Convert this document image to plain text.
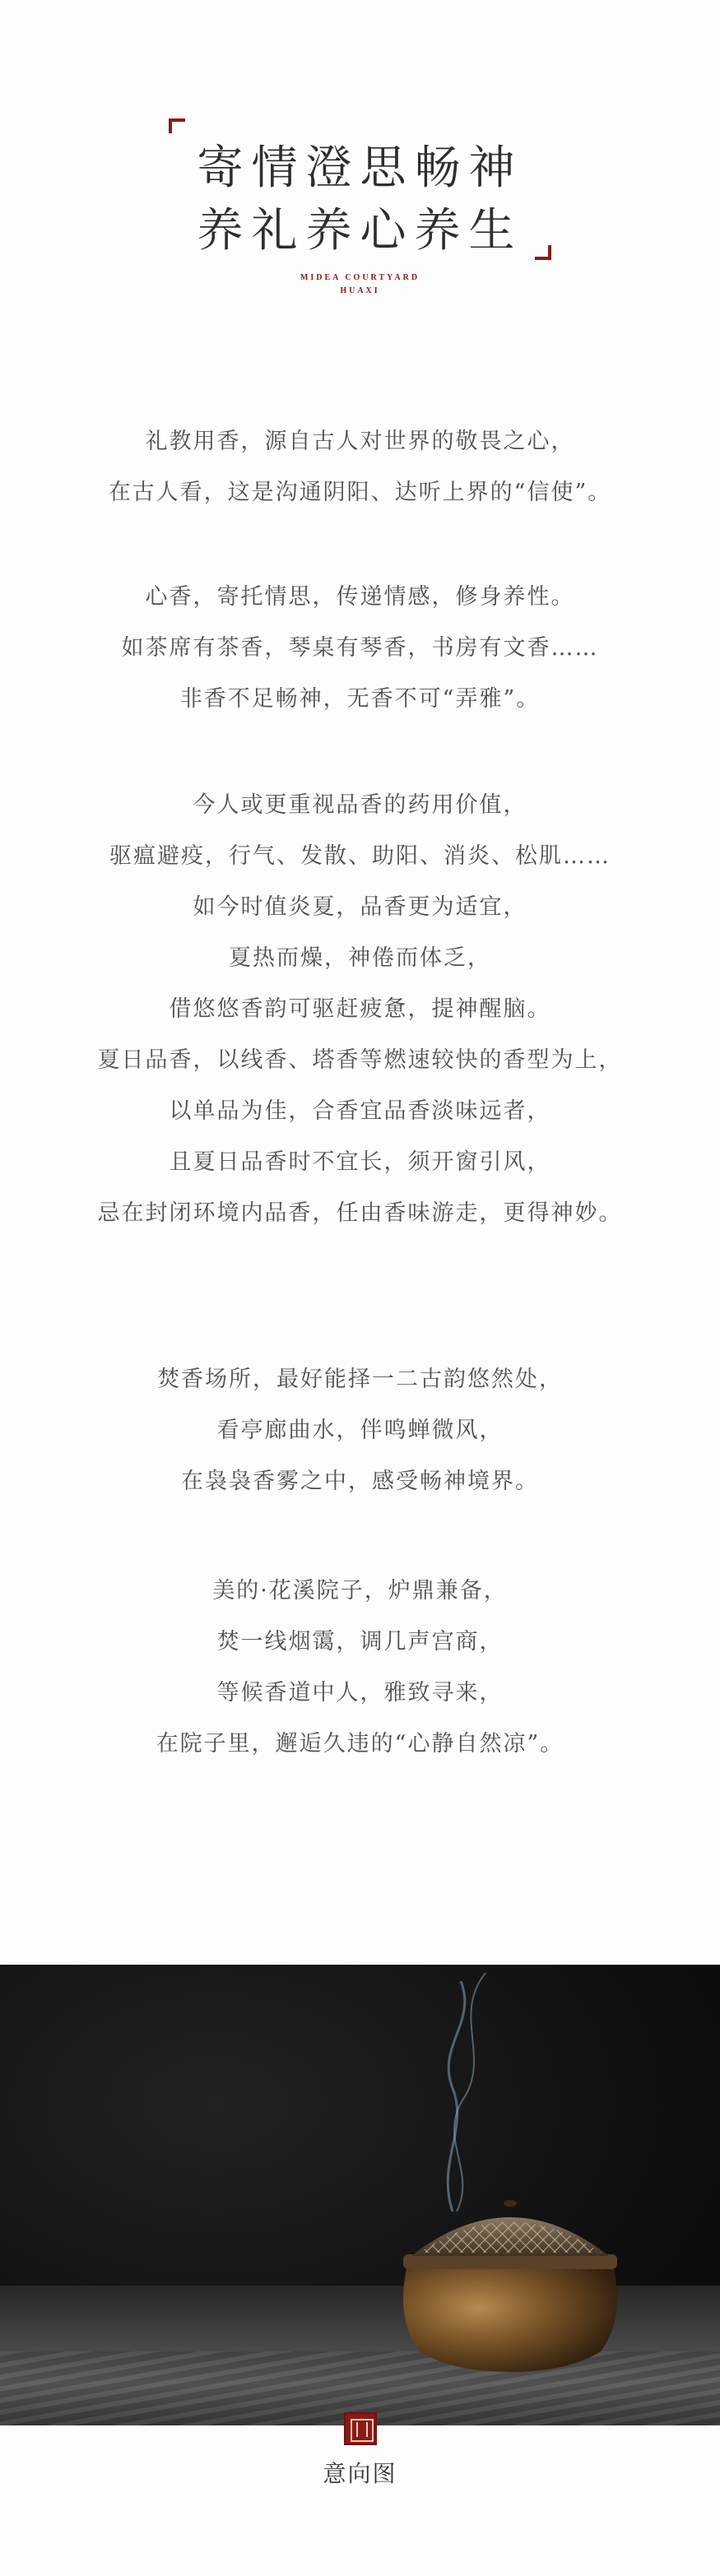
寄情澄思畅神
养礼养心养生
MIDEA COURTYARD
HUAXI
礼教用香，源自古人对世界的敬畏之心，
在古人看，这是沟通阴阳、达听上界的“信使”。
心香，寄托情思，传递情感，修身养性。
如茶席有茶香，琴桌有琴香，书房有文香……
非香不足畅神，无香不可“弄雅”。
今人或更重视品香的药用价值，
驱瘟避疫，行气、发散、助阳、消炎、松肌……
如今时值炎夏，品香更为适宜，
夏热而燥，神倦而体乏，
借悠悠香韵可驱赶疲惫，提神醒脑。
夏日品香，以线香、塔香等燃速较快的香型为上，
以单品为佳，合香宜品香淡味远者，
且夏日品香时不宜长，须开窗引风，
忌在封闭环境内品香，任由香味游走，更得神妙。
焚香场所，最好能择一二古韵悠然处，
看亭廊曲水，伴鸣蝉微风，
在袅袅香雾之中，感受畅神境界。
美的·花溪院子，炉鼎兼备，
焚一线烟霭，调几声宫商，
等候香道中人，雅致寻来，
在院子里，邂逅久违的“心静自然凉”。
意向图
